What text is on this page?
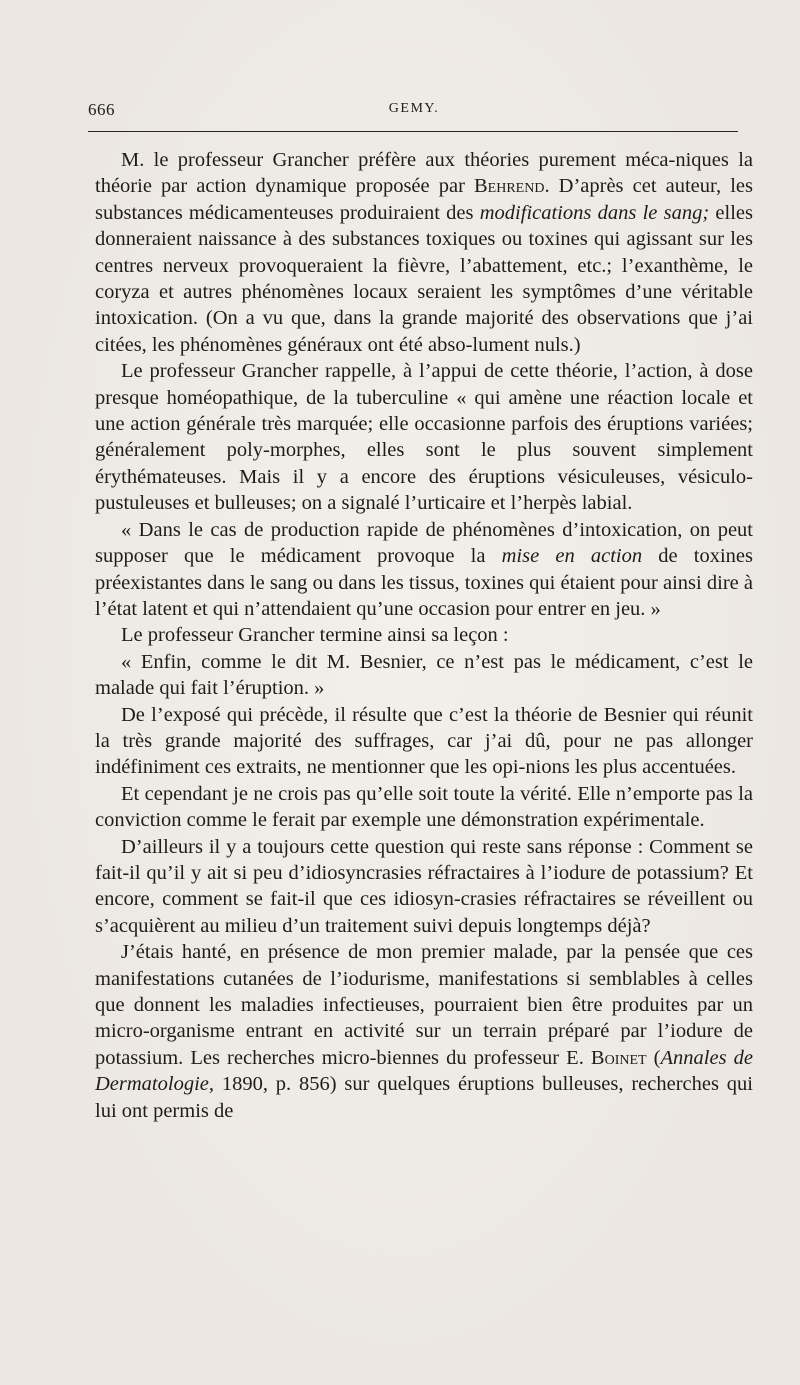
666	GEMY.

M. le professeur Grancher préfère aux théories purement méca-niques la théorie par action dynamique proposée par Behrend. D’après cet auteur, les substances médicamenteuses produiraient des modifications dans le sang; elles donneraient naissance à des substances toxiques ou toxines qui agissant sur les centres nerveux provoqueraient la fièvre, l’abattement, etc.; l’exanthème, le coryza et autres phénomènes locaux seraient les symptômes d’une véritable intoxication. (On a vu que, dans la grande majorité des observations que j’ai citées, les phénomènes généraux ont été abso-lument nuls.)

Le professeur Grancher rappelle, à l’appui de cette théorie, l’action, à dose presque homéopathique, de la tuberculine « qui amène une réaction locale et une action générale très marquée; elle occasionne parfois des éruptions variées; généralement poly-morphes, elles sont le plus souvent simplement érythémateuses. Mais il y a encore des éruptions vésiculeuses, vésiculo-pustuleuses et bulleuses; on a signalé l’urticaire et l’herpès labial.

« Dans le cas de production rapide de phénomènes d’intoxication, on peut supposer que le médicament provoque la mise en action de toxines préexistantes dans le sang ou dans les tissus, toxines qui étaient pour ainsi dire à l’état latent et qui n’attendaient qu’une occasion pour entrer en jeu. »

Le professeur Grancher termine ainsi sa leçon :

« Enfin, comme le dit M. Besnier, ce n’est pas le médicament, c’est le malade qui fait l’éruption. »

De l’exposé qui précède, il résulte que c’est la théorie de Besnier qui réunit la très grande majorité des suffrages, car j’ai dû, pour ne pas allonger indéfiniment ces extraits, ne mentionner que les opi-nions les plus accentuées.

Et cependant je ne crois pas qu’elle soit toute la vérité. Elle n’emporte pas la conviction comme le ferait par exemple une démonstration expérimentale.

D’ailleurs il y a toujours cette question qui reste sans réponse : Comment se fait-il qu’il y ait si peu d’idiosyncrasies réfractaires à l’iodure de potassium? Et encore, comment se fait-il que ces idiosyn-crasies réfractaires se réveillent ou s’acquièrent au milieu d’un traitement suivi depuis longtemps déjà?

J’étais hanté, en présence de mon premier malade, par la pensée que ces manifestations cutanées de l’iodurisme, manifestations si semblables à celles que donnent les maladies infectieuses, pourraient bien être produites par un micro-organisme entrant en activité sur un terrain préparé par l’iodure de potassium. Les recherches micro-biennes du professeur E. Boinet (Annales de Dermatologie, 1890, p. 856) sur quelques éruptions bulleuses, recherches qui lui ont permis de
